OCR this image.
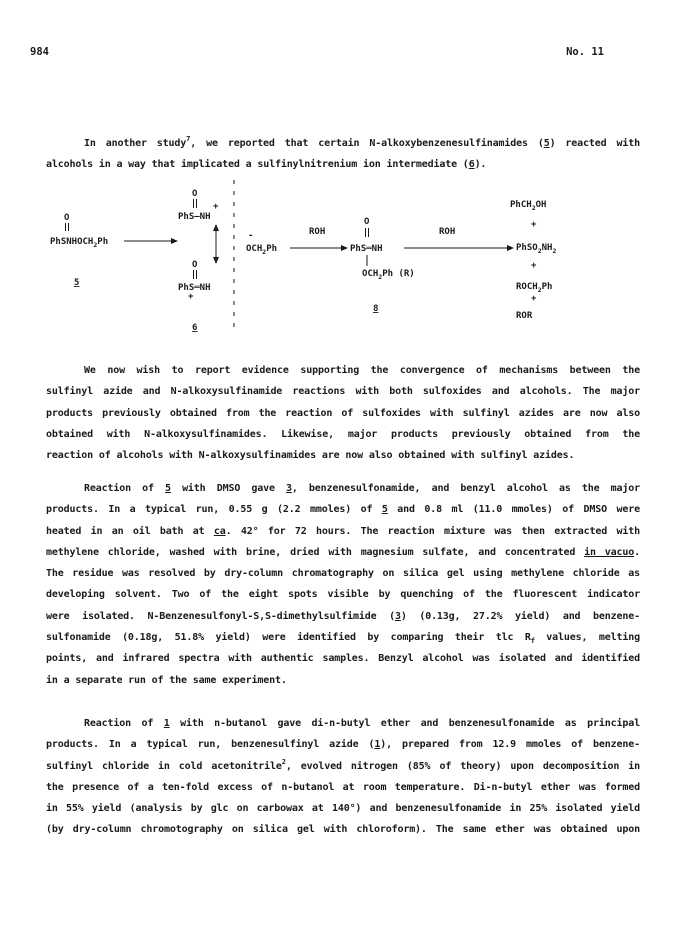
984	No. 11
In another study$^7$, we reported that certain N-alkoxybenzenesulfinamides (5) reacted with
alcohols in a way that implicated a sulfinylnitrenium ion intermediate (6).
O
PhSNHOCH$_2$Ph
5
O
+
PhS—NH
O
PhS═NH
+
6
-
$OCH_2Ph$
ROH
O
PhS═NH
$OCH_2Ph$ (R)
8
ROH
PhCH$_2$OH
+
$PhSO_2NH_2$
+
$ROCH_2Ph$
+
ROR
We now wish to report evidence supporting the convergence of mechanisms between the
sulfinyl azide and N-alkoxysulfinamide reactions with both sulfoxides and alcohols. The major
products previously obtained from the reaction of sulfoxides with sulfinyl azides are now also
obtained with N-alkoxysulfinamides. Likewise, major products previously obtained from the
reaction of alcohols with N-alkoxysulfinamides are now also obtained with sulfinyl azides.
Reaction of 5 with DMSO gave 3, benzenesulfonamide, and benzyl alcohol as the major
products. In a typical run, 0.55 g (2.2 mmoles) of 5 and 0.8 ml (11.0 mmoles) of DMSO were
heated in an oil bath at ca. 42° for 72 hours. The reaction mixture was then extracted with
methylene chloride, washed with brine, dried with magnesium sulfate, and concentrated in vacuo.
The residue was resolved by dry-column chromatography on silica gel using methylene chloride as
developing solvent. Two of the eight spots visible by quenching of the fluorescent indicator
were isolated. N-Benzenesulfonyl-S,S-dimethylsulfimide (3) (0.13g, 27.2% yield) and benzene-
sulfonamide (0.18g, 51.8% yield) were identified by comparing their tlc $R_f$ values, melting
points, and infrared spectra with authentic samples. Benzyl alcohol was isolated and identified
in a separate run of the same experiment.
Reaction of 1 with n-butanol gave di-n-butyl ether and benzenesulfonamide as principal
products. In a typical run, benzenesulfinyl azide (1), prepared from 12.9 mmoles of benzene-
sulfinyl chloride in cold acetonitrile$^2$, evolved nitrogen (85% of theory) upon decomposition in
the presence of a ten-fold excess of n-butanol at room temperature. Di-n-butyl ether was formed
in 55% yield (analysis by glc on carbowax at 140°) and benzenesulfonamide in 25% isolated yield
(by dry-column chromotography on silica gel with chloroform). The same ether was obtained upon
